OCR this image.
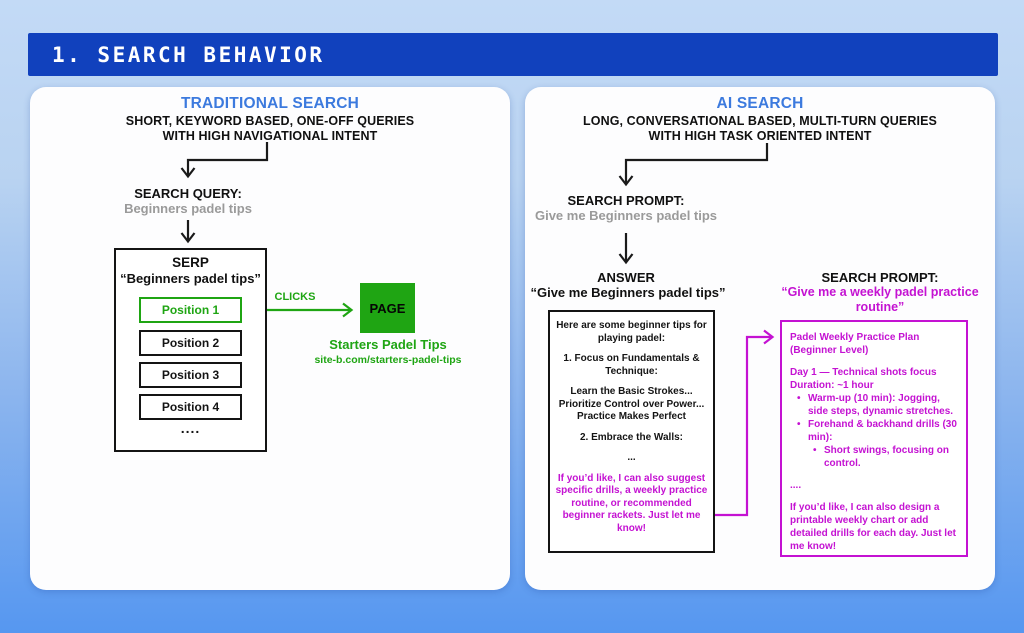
1. SEARCH BEHAVIOR
TRADITIONAL SEARCH
SHORT, KEYWORD BASED, ONE-OFF QUERIES
WITH HIGH NAVIGATIONAL INTENT
SEARCH QUERY:
Beginners padel tips
SERP
“Beginners padel tips”
Position 1
Position 2
Position 3
Position 4
....
CLICKS
PAGE
Starters Padel Tips
site-b.com/starters-padel-tips
AI SEARCH
LONG, CONVERSATIONAL BASED, MULTI-TURN QUERIES
WITH HIGH TASK ORIENTED INTENT
SEARCH PROMPT:
Give me Beginners padel tips
ANSWER
“Give me Beginners padel tips”

Here are some beginner tips for playing padel:

1. Focus on Fundamentals & Technique:

Learn the Basic Strokes... Prioritize Control over Power... Practice Makes Perfect

2. Embrace the Walls:

...

If you’d like, I can also suggest specific drills, a weekly practice routine, or recommended beginner rackets. Just let me know!

SEARCH PROMPT:
“Give me a weekly padel practice routine”

Padel Weekly Practice Plan (Beginner Level)

Day 1 — Technical shots focus

Duration: ~1 hour

• Warm-up (10 min): Jogging, side steps, dynamic stretches.

• Forehand & backhand drills (30 min):

• Short swings, focusing on control.

....

If you’d like, I can also design a printable weekly chart or add detailed drills for each day. Just let me know!
